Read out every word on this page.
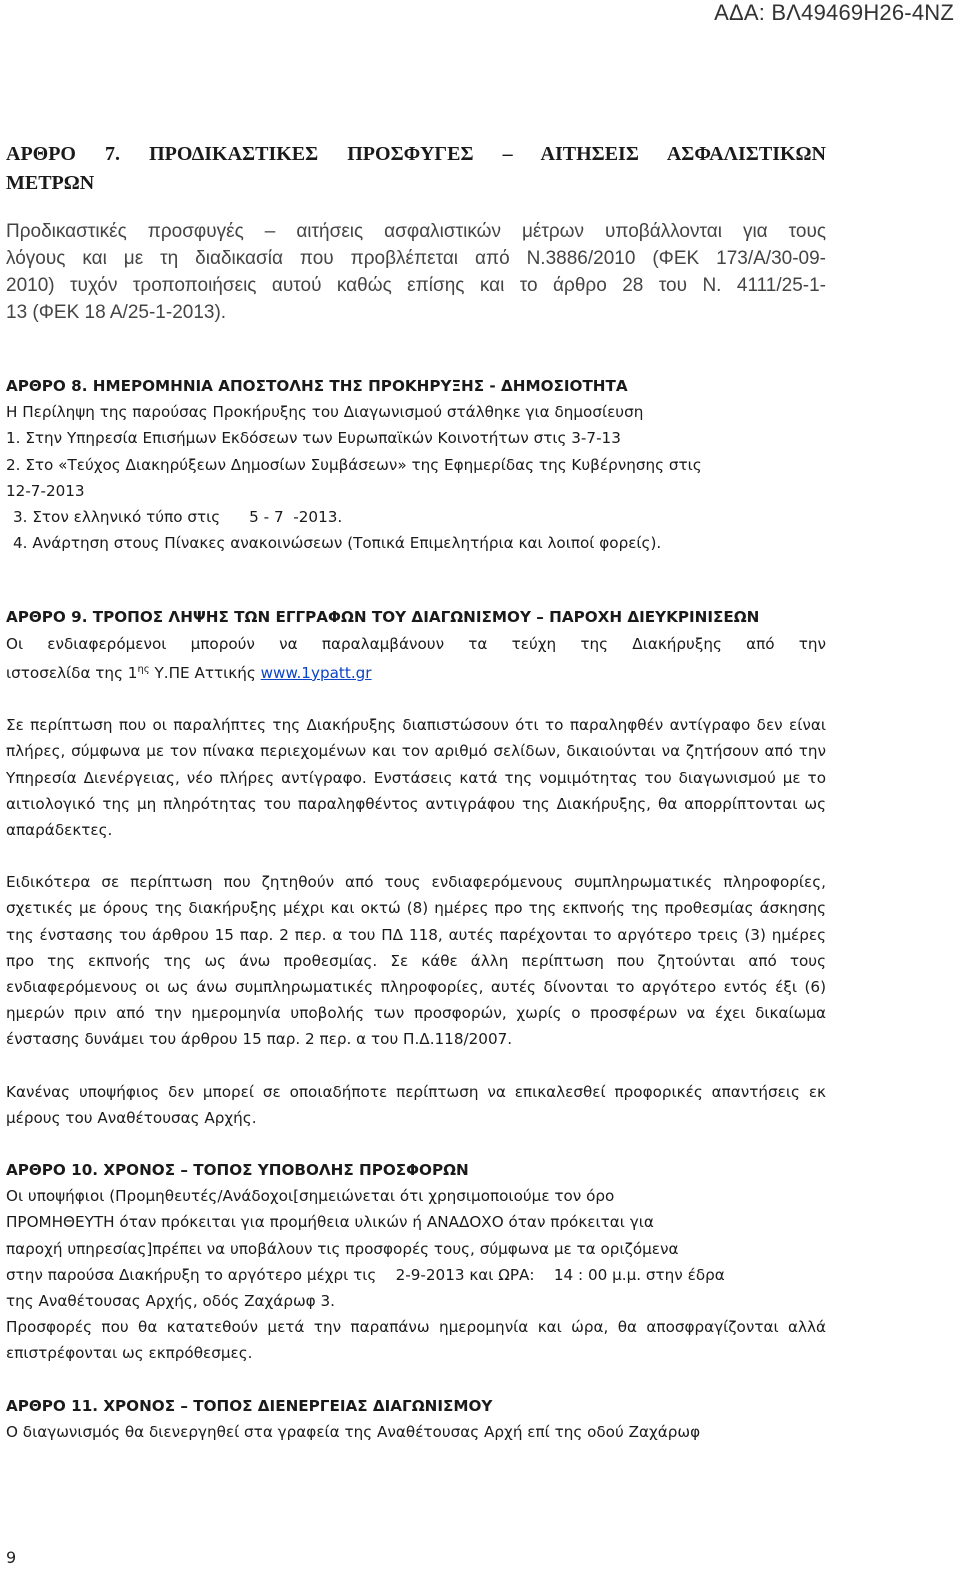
ΑΔΑ: ΒΛ49469Η26-4ΝΖ

ΑΡΘΡΟ 7. ΠΡΟΔΙΚΑΣΤΙΚΕΣ ΠΡΟΣΦΥΓΕΣ – ΑΙΤΗΣΕΙΣ ΑΣΦΑΛΙΣΤΙΚΩΝ

ΜΕΤΡΩΝ

Προδικαστικές προσφυγές – αιτήσεις ασφαλιστικών μέτρων υποβάλλονται για τους

λόγους και με τη διαδικασία που προβλέπεται από Ν.3886/2010 (ΦΕΚ 173/Α/30-09-

2010) τυχόν τροποποιήσεις αυτού καθώς επίσης και το άρθρο 28 του Ν. 4111/25-1-

13 (ΦΕΚ 18 Α/25-1-2013).

ΑΡΘΡΟ 8. ΗΜΕΡΟΜΗΝΙΑ ΑΠΟΣΤΟΛΗΣ ΤΗΣ ΠΡΟΚΗΡΥΞΗΣ - ΔΗΜΟΣΙΟΤΗΤΑ

Η Περίληψη της παρούσας Προκήρυξης του Διαγωνισμού στάλθηκε για δημοσίευση

1. Στην Υπηρεσία Επισήμων Εκδόσεων των Ευρωπαϊκών Κοινοτήτων στις 3-7-13

2. Στο «Τεύχος Διακηρύξεων Δημοσίων Συμβάσεων» της Εφημερίδας της Κυβέρνησης στις

12-7-2013

3. Στον ελληνικό τύπο στις      5 - 7  -2013.

4. Ανάρτηση στους Πίνακες ανακοινώσεων (Τοπικά Επιμελητήρια και λοιποί φορείς).

ΑΡΘΡΟ 9. ΤΡΟΠΟΣ ΛΗΨΗΣ ΤΩΝ ΕΓΓΡΑΦΩΝ ΤΟΥ ΔΙΑΓΩΝΙΣΜΟΥ – ΠΑΡΟΧΗ ΔΙΕΥΚΡΙΝΙΣΕΩΝ

Οι ενδιαφερόμενοι μπορούν να παραλαμβάνουν τα τεύχη της Διακήρυξης από την

ιστοσελίδα της $1^{\eta\varsigma}$ Υ.ΠΕ Αττικής www.1ypatt.gr

Σε περίπτωση που οι παραλήπτες της Διακήρυξης διαπιστώσουν ότι το παραληφθέν αντίγραφο δεν είναι πλήρες, σύμφωνα με τον πίνακα περιεχομένων και τον αριθμό σελίδων, δικαιούνται να ζητήσουν από την Υπηρεσία Διενέργειας, νέο πλήρες αντίγραφο. Ενστάσεις κατά της νομιμότητας του διαγωνισμού με το αιτιολογικό της μη πληρότητας του παραληφθέντος αντιγράφου της Διακήρυξης, θα απορρίπτονται ως απαράδεκτες.

Ειδικότερα σε περίπτωση που ζητηθούν από τους ενδιαφερόμενους συμπληρωματικές πληροφορίες, σχετικές με όρους της διακήρυξης μέχρι και οκτώ (8) ημέρες προ της εκπνοής της προθεσμίας άσκησης της ένστασης του άρθρου 15 παρ. 2 περ. α του ΠΔ 118, αυτές παρέχονται το αργότερο τρεις (3) ημέρες προ της εκπνοής της ως άνω προθεσμίας. Σε κάθε άλλη περίπτωση που ζητούνται από τους ενδιαφερόμενους οι ως άνω συμπληρωματικές πληροφορίες, αυτές δίνονται το αργότερο εντός έξι (6) ημερών πριν από την ημερομηνία υποβολής των προσφορών, χωρίς ο προσφέρων να έχει δικαίωμα ένστασης δυνάμει του άρθρου 15 παρ. 2 περ. α του Π.Δ.118/2007.

Κανένας υποψήφιος δεν μπορεί σε οποιαδήποτε περίπτωση να επικαλεσθεί προφορικές απαντήσεις εκ μέρους του Αναθέτουσας Αρχής.

ΑΡΘΡΟ 10. ΧΡΟΝΟΣ – ΤΟΠΟΣ ΥΠΟΒΟΛΗΣ ΠΡΟΣΦΟΡΩΝ

Οι υποψήφιοι (Προμηθευτές/Ανάδοχοι[σημειώνεται ότι χρησιμοποιούμε τον όρο

ΠΡΟΜΗΘΕΥΤΗ όταν πρόκειται για προμήθεια υλικών ή ΑΝΑΔΟΧΟ όταν πρόκειται για

παροχή υπηρεσίας]πρέπει να υποβάλουν τις προσφορές τους, σύμφωνα με τα οριζόμενα

στην παρούσα Διακήρυξη το αργότερο μέχρι τις    2-9-2013 και ΩΡΑ:    14 : 00 μ.μ. στην έδρα

της Αναθέτουσας Αρχής, οδός Ζαχάρωφ 3.

Προσφορές που θα κατατεθούν μετά την παραπάνω ημερομηνία και ώρα, θα αποσφραγίζονται αλλά επιστρέφονται ως εκπρόθεσμες.

ΑΡΘΡΟ 11. ΧΡΟΝΟΣ – ΤΟΠΟΣ ΔΙΕΝΕΡΓΕΙΑΣ ΔΙΑΓΩΝΙΣΜΟΥ

Ο διαγωνισμός θα διενεργηθεί στα γραφεία της Αναθέτουσας Αρχή επί της οδού Ζαχάρωφ

9
